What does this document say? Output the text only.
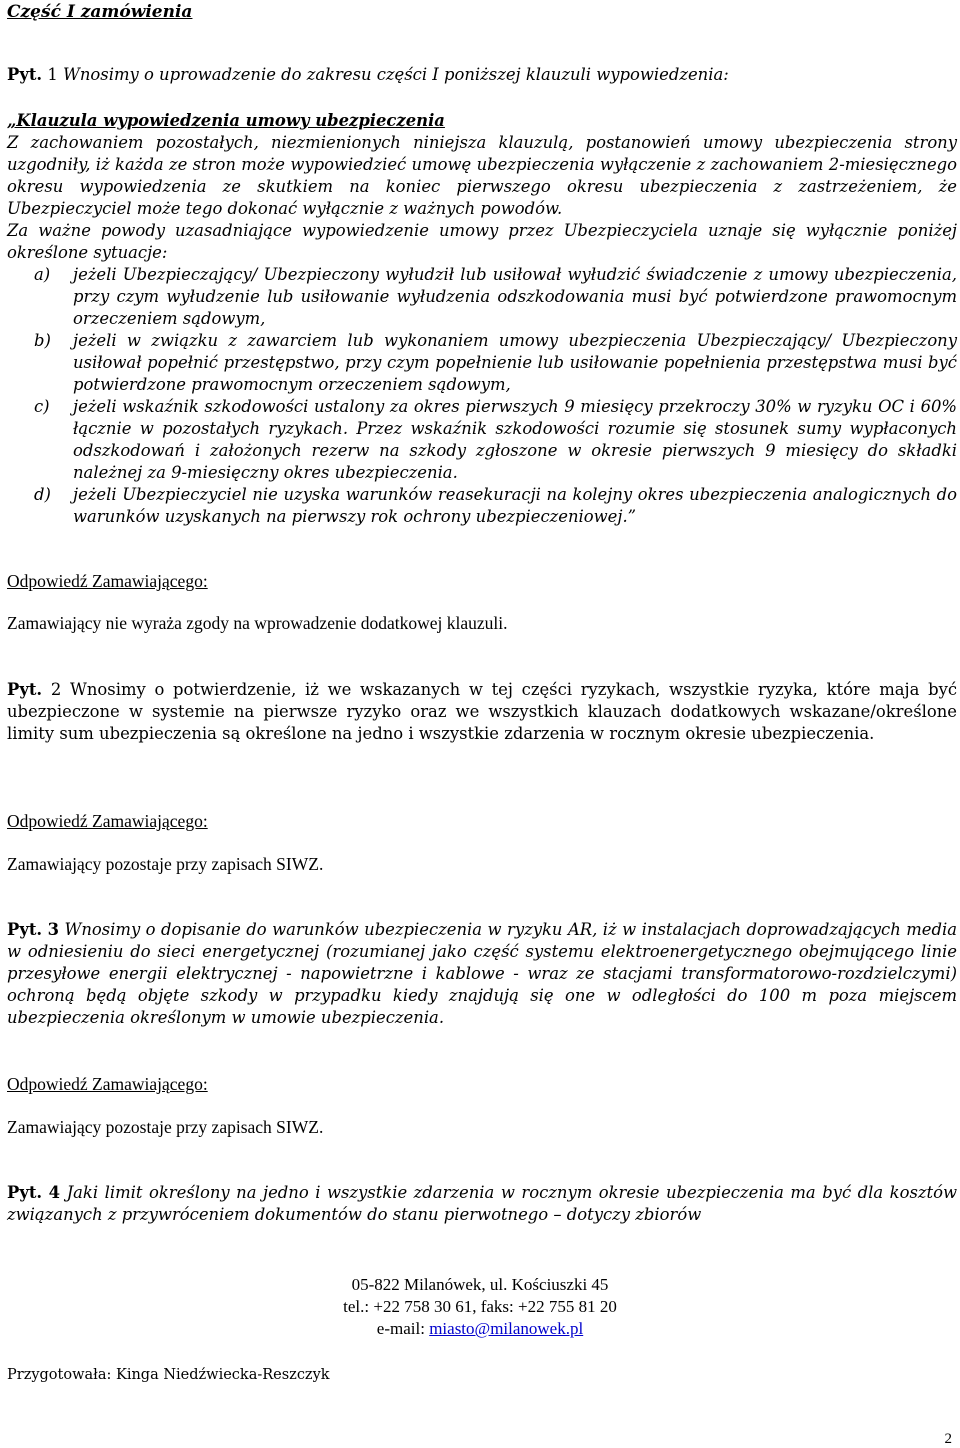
Część I zamówienia
Pyt. 1 Wnosimy o uprowadzenie do zakresu części I poniższej klauzuli wypowiedzenia:

„Klauzula wypowiedzenia umowy ubezpieczenia

Z zachowaniem pozostałych, niezmienionych niniejsza klauzulą, postanowień umowy ubezpieczenia strony uzgodniły, iż każda ze stron może wypowiedzieć umowę ubezpieczenia wyłączenie z zachowaniem 2-miesięcznego okresu wypowiedzenia ze skutkiem na koniec pierwszego okresu ubezpieczenia z zastrzeżeniem, że Ubezpieczyciel może tego dokonać wyłącznie z ważnych powodów.

Za ważne powody uzasadniające wypowiedzenie umowy przez Ubezpieczyciela uznaje się wyłącznie poniżej określone sytuacje:

a) jeżeli Ubezpieczający/ Ubezpieczony wyłudził lub usiłował wyłudzić świadczenie z umowy ubezpieczenia, przy czym wyłudzenie lub usiłowanie wyłudzenia odszkodowania musi być potwierdzone prawomocnym orzeczeniem sądowym,
b) jeżeli w związku z zawarciem lub wykonaniem umowy ubezpieczenia Ubezpieczający/ Ubezpieczony usiłował popełnić przestępstwo, przy czym popełnienie lub usiłowanie popełnienia przestępstwa musi być potwierdzone prawomocnym orzeczeniem sądowym,
c) jeżeli wskaźnik szkodowości ustalony za okres pierwszych 9 miesięcy przekroczy 30% w ryzyku OC i 60% łącznie w pozostałych ryzykach. Przez wskaźnik szkodowości rozumie się stosunek sumy wypłaconych odszkodowań i założonych rezerw na szkody zgłoszone w okresie pierwszych 9 miesięcy do składki należnej za 9-miesięczny okres ubezpieczenia.
d) jeżeli Ubezpieczyciel nie uzyska warunków reasekuracji na kolejny okres ubezpieczenia analogicznych do warunków uzyskanych na pierwszy rok ochrony ubezpieczeniowej.”
Odpowiedź Zamawiającego:
Zamawiający nie wyraża zgody na wprowadzenie dodatkowej klauzuli.
Pyt. 2 Wnosimy o potwierdzenie, iż we wskazanych w tej części ryzykach, wszystkie ryzyka, które maja być ubezpieczone w systemie na pierwsze ryzyko oraz we wszystkich klauzach dodatkowych wskazane/określone limity sum ubezpieczenia są określone na jedno i wszystkie zdarzenia w rocznym okresie ubezpieczenia.
Odpowiedź Zamawiającego:
Zamawiający pozostaje przy zapisach SIWZ.
Pyt. 3 Wnosimy o dopisanie do warunków ubezpieczenia w ryzyku AR, iż w instalacjach doprowadzających media w odniesieniu do sieci energetycznej (rozumianej jako część systemu elektroenergetycznego obejmującego linie przesyłowe energii elektrycznej - napowietrzne i kablowe - wraz ze stacjami transformatorowo-rozdzielczymi) ochroną będą objęte szkody w przypadku kiedy znajdują się one w odległości do 100 m poza miejscem ubezpieczenia określonym w umowie ubezpieczenia.
Odpowiedź Zamawiającego:
Zamawiający pozostaje przy zapisach SIWZ.
Pyt. 4 Jaki limit określony na jedno i wszystkie zdarzenia w rocznym okresie ubezpieczenia ma być dla kosztów związanych z przywróceniem dokumentów do stanu pierwotnego – dotyczy zbiorów
05-822 Milanówek, ul. Kościuszki 45
tel.: +22 758 30 61, faks: +22 755 81 20
e-mail: miasto@milanowek.pl
Przygotowała: Kinga Niedźwiecka-Reszczyk
2
